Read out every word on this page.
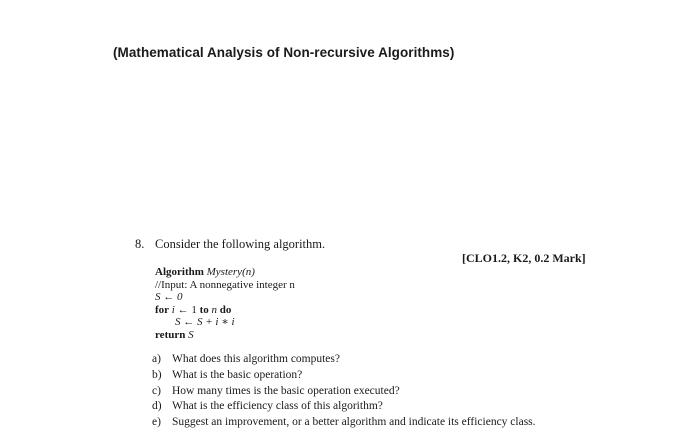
(Mathematical Analysis of Non-recursive Algorithms)
8. Consider the following algorithm.
[CLO1.2, K2, 0.2 Mark]
Algorithm Mystery(n)
//Input: A nonnegative integer n
S ← 0
for i ← 1 to n do
S ← S + i ∗ i
return S
a) What does this algorithm computes?
b) What is the basic operation?
c) How many times is the basic operation executed?
d) What is the efficiency class of this algorithm?
e) Suggest an improvement, or a better algorithm and indicate its efficiency class.
